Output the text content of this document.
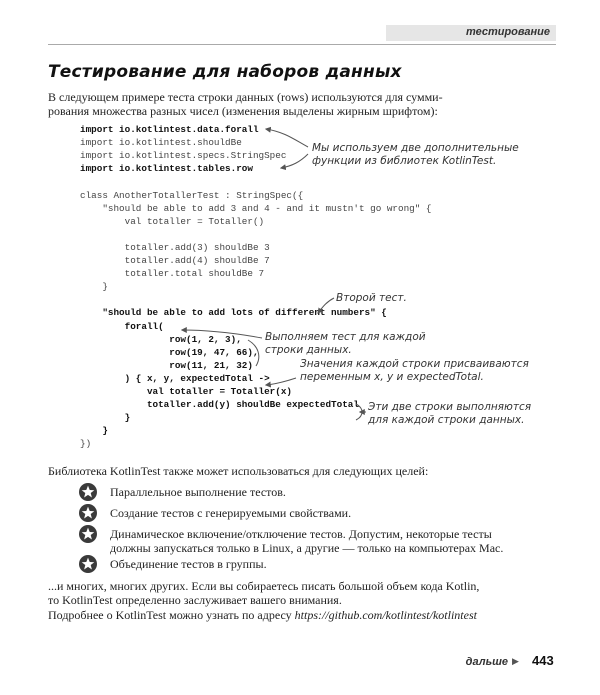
тестирование
Тестирование для наборов данных
В следующем примере теста строки данных (rows) используются для сумми-
рования множества разных чисел (изменения выделены жирным шрифтом):
import io.kotlintest.data.forall
import io.kotlintest.shouldBe
import io.kotlintest.specs.StringSpec
import io.kotlintest.tables.row
class AnotherTotallerTest : StringSpec({
"should be able to add 3 and 4 - and it mustn't go wrong" {
val totaller = Totaller()
totaller.add(3) shouldBe 3
totaller.add(4) shouldBe 7
totaller.total shouldBe 7
}
"should be able to add lots of different numbers" {
forall(
row(1, 2, 3),
row(19, 47, 66),
row(11, 21, 32)
) { x, y, expectedTotal ->
val totaller = Totaller(x)
totaller.add(y) shouldBe expectedTotal
}
}
})
Мы используем две дополнительные
функции из библиотек KotlinTest.
Второй тест.
Выполняем тест для каждой
строки данных.
Значения каждой строки присваиваются
переменным x, y и expectedTotal.
Эти две строки выполняются
для каждой строки данных.
Библиотека KotlinTest также может использоваться для следующих целей:
Параллельное выполнение тестов.
Создание тестов с генерируемыми свойствами.
Динамическое включение/отключение тестов. Допустим, некоторые тесты
должны запускаться только в Linux, а другие — только на компьютерах Mac.
Объединение тестов в группы.
...и многих, многих других. Если вы собираетесь писать большой объем кода Kotlin,
то KotlinTest определенно заслуживает вашего внимания.
Подробнее о KotlinTest можно узнать по адресу https://github.com/kotlintest/kotlintest
дальше ▶ 443
